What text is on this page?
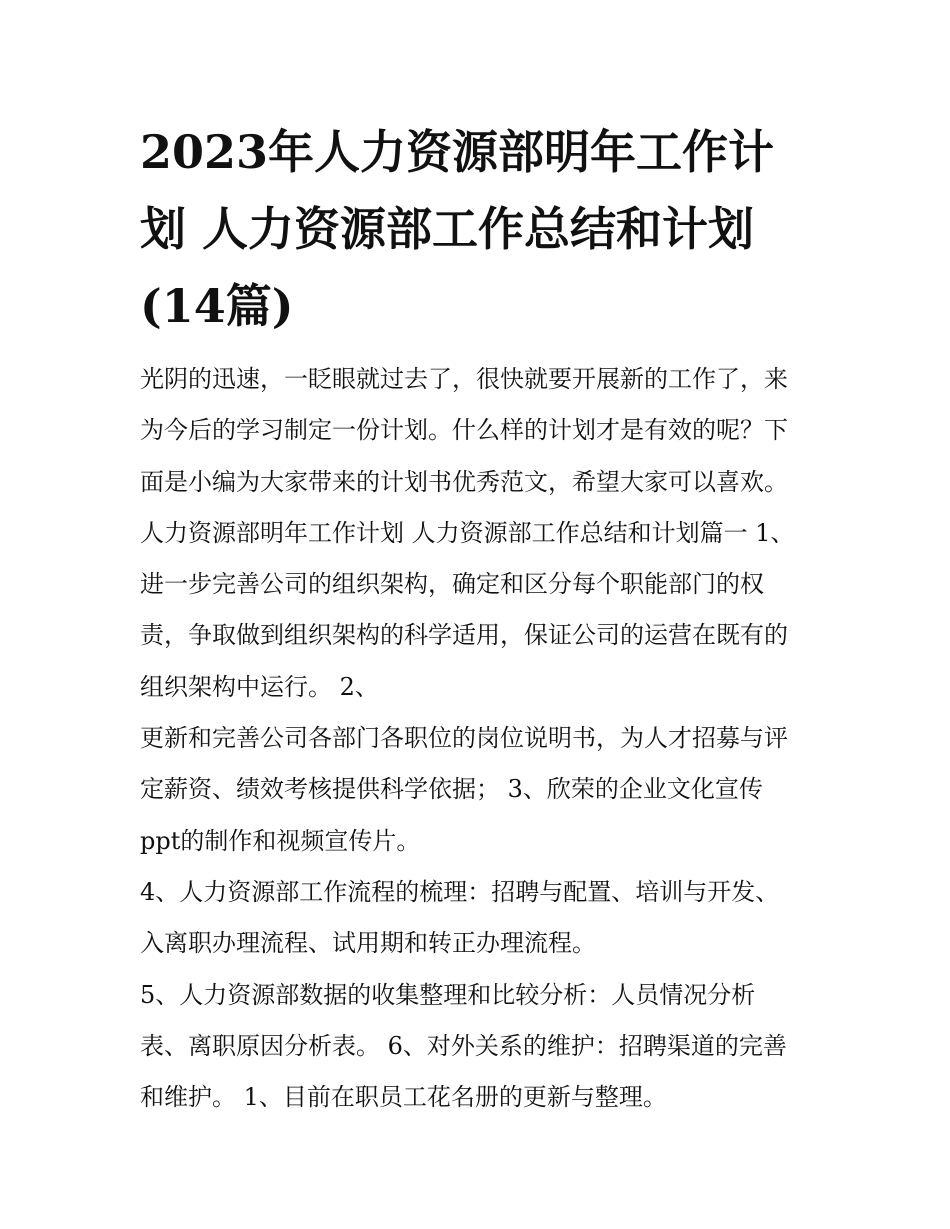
2023年人力资源部明年工作计
划 人力资源部工作总结和计划
(14篇)
光阴的迅速，一眨眼就过去了，很快就要开展新的工作了，来
为今后的学习制定一份计划。什么样的计划才是有效的呢？下
面是小编为大家带来的计划书优秀范文，希望大家可以喜欢。
人力资源部明年工作计划 人力资源部工作总结和计划篇一 1、
进一步完善公司的组织架构，确定和区分每个职能部门的权
责，争取做到组织架构的科学适用，保证公司的运营在既有的
组织架构中运行。 2、
更新和完善公司各部门各职位的岗位说明书，为人才招募与评
定薪资、绩效考核提供科学依据； 3、欣荣的企业文化宣传
ppt的制作和视频宣传片。
4、人力资源部工作流程的梳理：招聘与配置、培训与开发、
入离职办理流程、试用期和转正办理流程。
5、人力资源部数据的收集整理和比较分析：人员情况分析
表、离职原因分析表。 6、对外关系的维护：招聘渠道的完善
和维护。 1、目前在职员工花名册的更新与整理。
